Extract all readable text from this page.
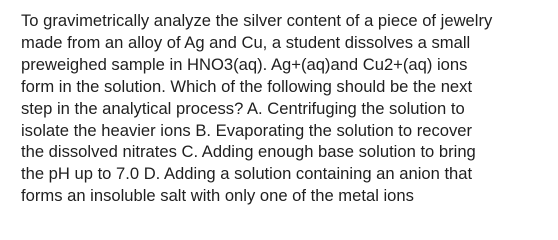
To gravimetrically analyze the silver content of a piece of jewelry
made from an alloy of Ag and Cu, a student dissolves a small
preweighed sample in HNO3(aq). Ag+(aq)and Cu2+(aq) ions
form in the solution. Which of the following should be the next
step in the analytical process? A. Centrifuging the solution to
isolate the heavier ions B. Evaporating the solution to recover
the dissolved nitrates C. Adding enough base solution to bring
the pH up to 7.0 D. Adding a solution containing an anion that
forms an insoluble salt with only one of the metal ions
